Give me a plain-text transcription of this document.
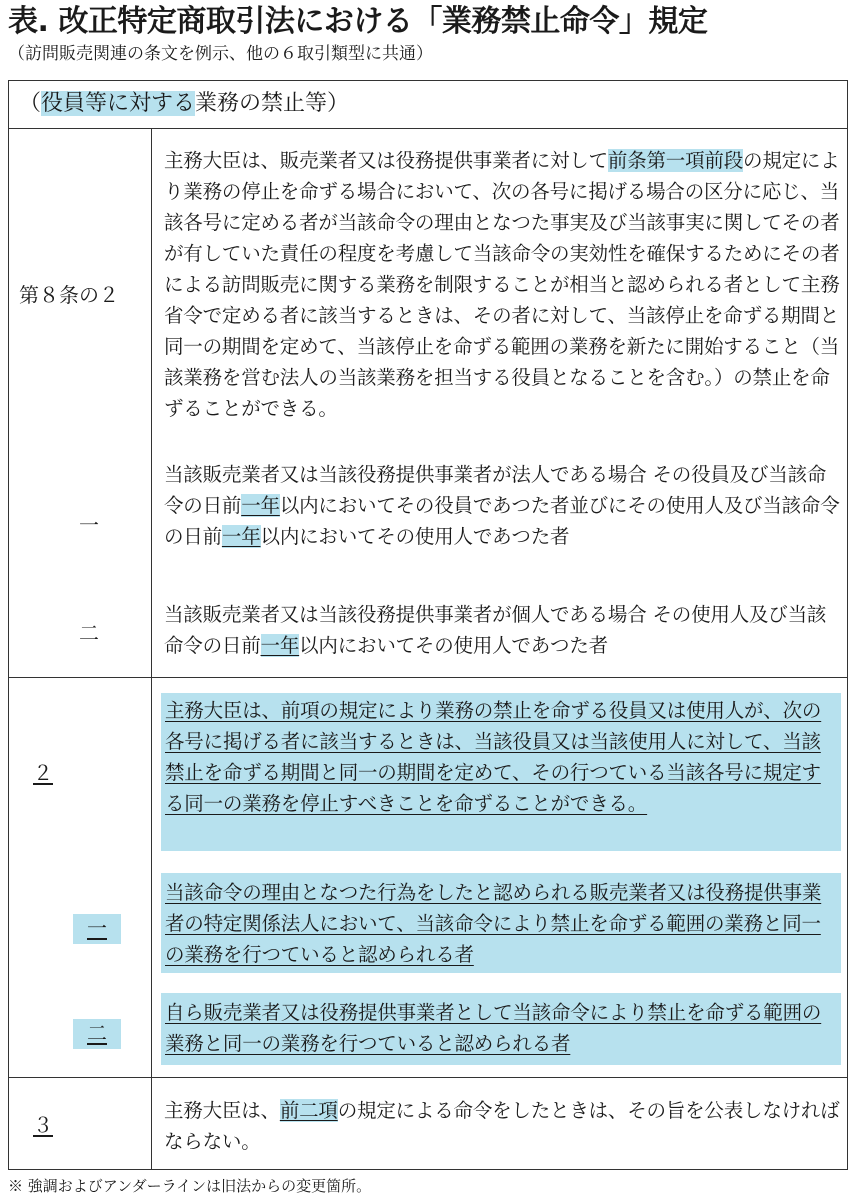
表. 改正特定商取引法における「業務禁止命令」規定
（訪問販売関連の条文を例示、他の６取引類型に共通）
（役員等に対する業務の禁止等）
第８条の２
主務大臣は、販売業者又は役務提供事業者に対して前条第一項前段の規定により業務の停止を命ずる場合において、次の各号に掲げる場合の区分に応じ、当該各号に定める者が当該命令の理由となつた事実及び当該事実に関してその者が有していた責任の程度を考慮して当該命令の実効性を確保するためにその者による訪問販売に関する業務を制限することが相当と認められる者として主務省令で定める者に該当するときは、その者に対して、当該停止を命ずる期間と同一の期間を定めて、当該停止を命ずる範囲の業務を新たに開始すること（当該業務を営む法人の当該業務を担当する役員となることを含む。）の禁止を命ずることができる。
一
当該販売業者又は当該役務提供事業者が法人である場合 その役員及び当該命令の日前一年以内においてその役員であつた者並びにその使用人及び当該命令の日前一年以内においてその使用人であつた者
二
当該販売業者又は当該役務提供事業者が個人である場合 その使用人及び当該命令の日前一年以内においてその使用人であつた者
２
主務大臣は、前項の規定により業務の禁止を命ずる役員又は使用人が、次の各号に掲げる者に該当するときは、当該役員又は当該使用人に対して、当該禁止を命ずる期間と同一の期間を定めて、その行つている当該各号に規定する同一の業務を停止すべきことを命ずることができる。
一
当該命令の理由となつた行為をしたと認められる販売業者又は役務提供事業者の特定関係法人において、当該命令により禁止を命ずる範囲の業務と同一の業務を行つていると認められる者
二
自ら販売業者又は役務提供事業者として当該命令により禁止を命ずる範囲の業務と同一の業務を行つていると認められる者
３
主務大臣は、前二項の規定による命令をしたときは、その旨を公表しなければならない。
※ 強調およびアンダーラインは旧法からの変更箇所。
